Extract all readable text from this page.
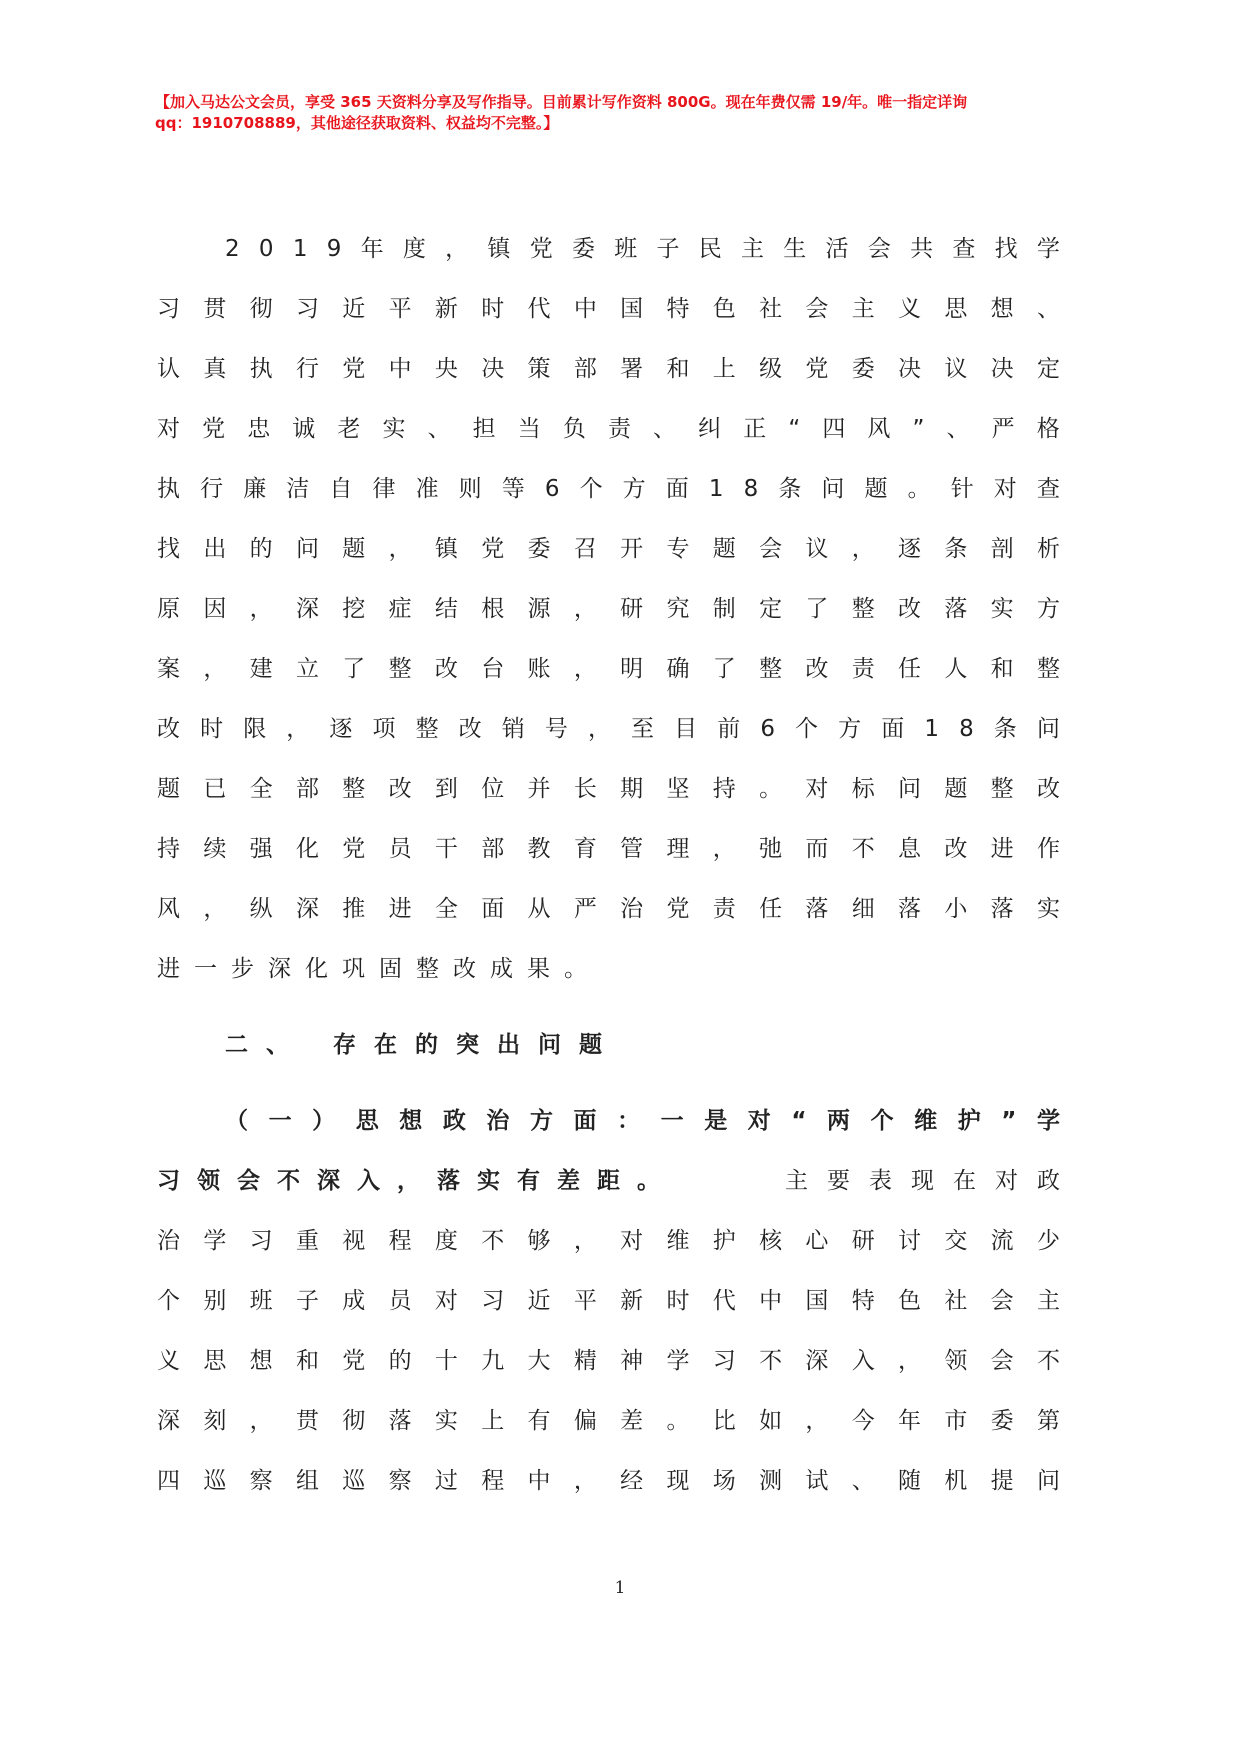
【加入马达公文会员，享受 365 天资料分享及写作指导。目前累计写作资料 800G。现在年费仅需 19/年。唯一指定详询
qq：1910708889，其他途径获取资料、权益均不完整。】
2 0 1 9 年 度 ， 镇 党 委 班 子 民 主 生 活 会 共 查 找 学
习 贯 彻 习 近 平 新 时 代 中 国 特 色 社 会 主 义 思 想 、
认 真 执 行 党 中 央 决 策 部 署 和 上 级 党 委 决 议 决 定
对 党 忠 诚 老 实 、 担 当 负 责 、 纠 正 “ 四 风 ” 、 严 格
执 行 廉 洁 自 律 准 则 等 6 个 方 面 1 8 条 问 题 。 针 对 查
找 出 的 问 题 ， 镇 党 委 召 开 专 题 会 议 ， 逐 条 剖 析
原 因 ， 深 挖 症 结 根 源 ， 研 究 制 定 了 整 改 落 实 方
案 ， 建 立 了 整 改 台 账 ， 明 确 了 整 改 责 任 人 和 整
改 时 限 ， 逐 项 整 改 销 号 ， 至 目 前 6 个 方 面 1 8 条 问
题 已 全 部 整 改 到 位 并 长 期 坚 持 。 对 标 问 题 整 改
持 续 强 化 党 员 干 部 教 育 管 理 ， 弛 而 不 息 改 进 作
风 ， 纵 深 推 进 全 面 从 严 治 党 责 任 落 细 落 小 落 实
进一步深化巩固整改成果。
二、 存在的突出问题
（ 一 ） 思 想 政 治 方 面 ： 一 是 对 “ 两 个 维 护 ” 学
习领会不深入，落实有差距。	主要表现在对政
治 学 习 重 视 程 度 不 够 ， 对 维 护 核 心 研 讨 交 流 少
个 别 班 子 成 员 对 习 近 平 新 时 代 中 国 特 色 社 会 主
义 思 想 和 党 的 十 九 大 精 神 学 习 不 深 入 ， 领 会 不
深 刻 ， 贯 彻 落 实 上 有 偏 差 。 比 如 ， 今 年 市 委 第
四 巡 察 组 巡 察 过 程 中 ， 经 现 场 测 试 、 随 机 提 问
1
